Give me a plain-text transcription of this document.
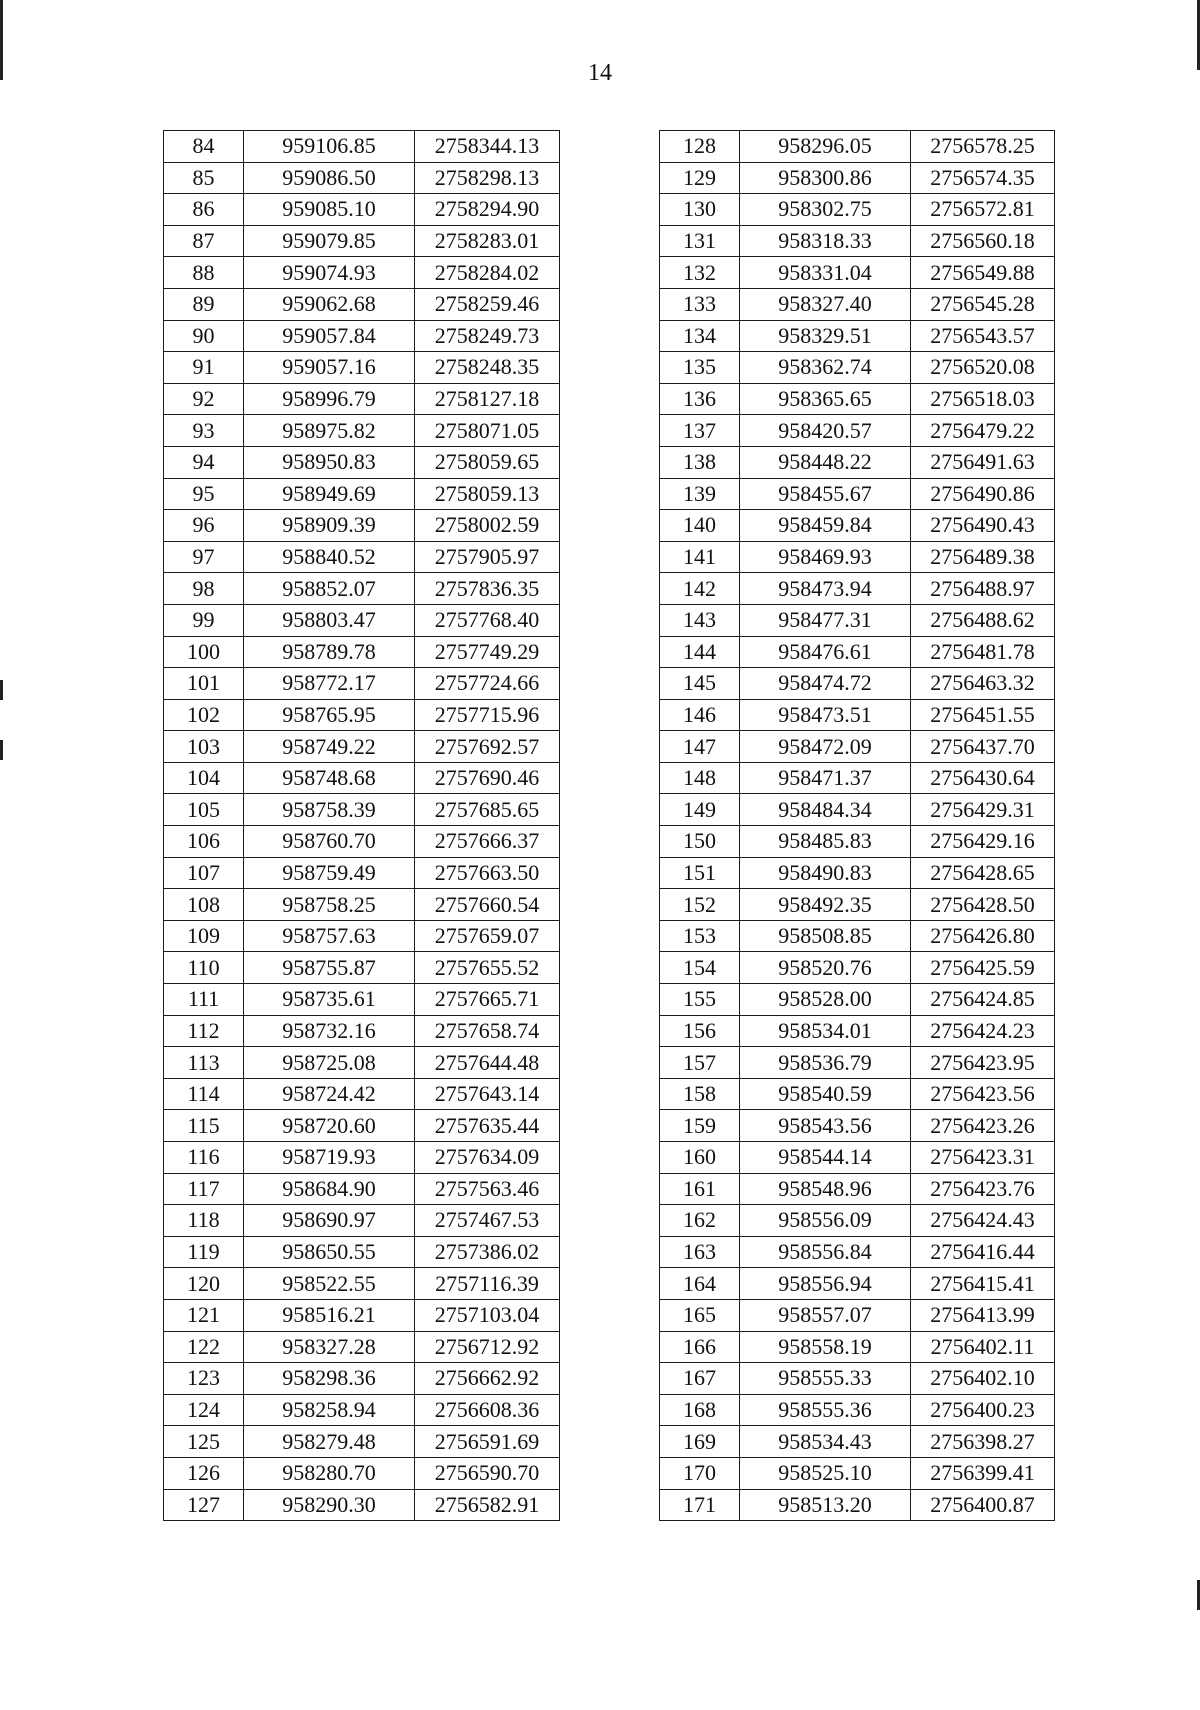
14
84	959106.85	2758344.13
85	959086.50	2758298.13
86	959085.10	2758294.90
87	959079.85	2758283.01
88	959074.93	2758284.02
89	959062.68	2758259.46
90	959057.84	2758249.73
91	959057.16	2758248.35
92	958996.79	2758127.18
93	958975.82	2758071.05
94	958950.83	2758059.65
95	958949.69	2758059.13
96	958909.39	2758002.59
97	958840.52	2757905.97
98	958852.07	2757836.35
99	958803.47	2757768.40
100	958789.78	2757749.29
101	958772.17	2757724.66
102	958765.95	2757715.96
103	958749.22	2757692.57
104	958748.68	2757690.46
105	958758.39	2757685.65
106	958760.70	2757666.37
107	958759.49	2757663.50
108	958758.25	2757660.54
109	958757.63	2757659.07
110	958755.87	2757655.52
111	958735.61	2757665.71
112	958732.16	2757658.74
113	958725.08	2757644.48
114	958724.42	2757643.14
115	958720.60	2757635.44
116	958719.93	2757634.09
117	958684.90	2757563.46
118	958690.97	2757467.53
119	958650.55	2757386.02
120	958522.55	2757116.39
121	958516.21	2757103.04
122	958327.28	2756712.92
123	958298.36	2756662.92
124	958258.94	2756608.36
125	958279.48	2756591.69
126	958280.70	2756590.70
127	958290.30	2756582.91
128	958296.05	2756578.25
129	958300.86	2756574.35
130	958302.75	2756572.81
131	958318.33	2756560.18
132	958331.04	2756549.88
133	958327.40	2756545.28
134	958329.51	2756543.57
135	958362.74	2756520.08
136	958365.65	2756518.03
137	958420.57	2756479.22
138	958448.22	2756491.63
139	958455.67	2756490.86
140	958459.84	2756490.43
141	958469.93	2756489.38
142	958473.94	2756488.97
143	958477.31	2756488.62
144	958476.61	2756481.78
145	958474.72	2756463.32
146	958473.51	2756451.55
147	958472.09	2756437.70
148	958471.37	2756430.64
149	958484.34	2756429.31
150	958485.83	2756429.16
151	958490.83	2756428.65
152	958492.35	2756428.50
153	958508.85	2756426.80
154	958520.76	2756425.59
155	958528.00	2756424.85
156	958534.01	2756424.23
157	958536.79	2756423.95
158	958540.59	2756423.56
159	958543.56	2756423.26
160	958544.14	2756423.31
161	958548.96	2756423.76
162	958556.09	2756424.43
163	958556.84	2756416.44
164	958556.94	2756415.41
165	958557.07	2756413.99
166	958558.19	2756402.11
167	958555.33	2756402.10
168	958555.36	2756400.23
169	958534.43	2756398.27
170	958525.10	2756399.41
171	958513.20	2756400.87
